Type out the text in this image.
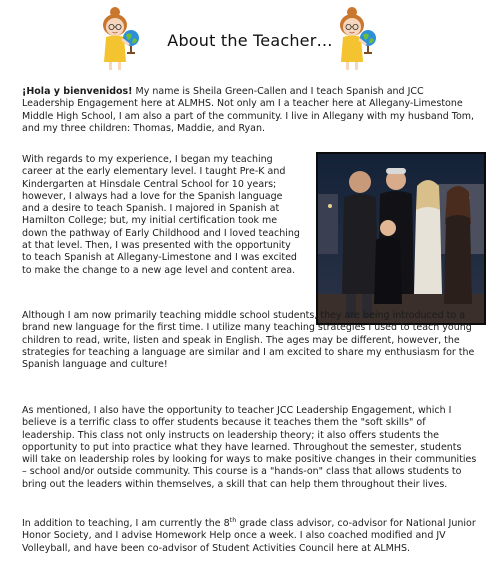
About the Teacher…

¡Hola y bienvenidos! My name is Sheila Green-Callen and I teach Spanish and JCC Leadership Engagement here at ALMHS. Not only am I a teacher here at Allegany-Limestone Middle High School, I am also a part of the community. I live in Allegany with my husband Tom, and my three children: Thomas, Maddie, and Ryan.

With regards to my experience, I began my teaching career at the early elementary level. I taught Pre-K and Kindergarten at Hinsdale Central School for 10 years; however, I always had a love for the Spanish language and a desire to teach Spanish. I majored in Spanish at Hamilton College; but, my initial certification took me down the pathway of Early Childhood and I loved teaching at that level. Then, I was presented with the opportunity to teach Spanish at Allegany-Limestone and I was excited to make the change to a new age level and content area.

Although I am now primarily teaching middle school students, they are being introduced to a brand new language for the first time. I utilize many teaching strategies I used to teach young children to read, write, listen and speak in English. The ages may be different, however, the strategies for teaching a language are similar and I am excited to share my enthusiasm for the Spanish language and culture!

As mentioned, I also have the opportunity to teacher JCC Leadership Engagement, which I believe is a terrific class to offer students because it teaches them the "soft skills" of leadership. This class not only instructs on leadership theory; it also offers students the opportunity to put into practice what they have learned. Throughout the semester, students will take on leadership roles by looking for ways to make positive changes in their communities – school and/or outside community. This course is a "hands-on" class that allows students to bring out the leaders within themselves, a skill that can help them throughout their lives.

In addition to teaching, I am currently the 8th grade class advisor, co-advisor for National Junior Honor Society, and I advise Homework Help once a week. I also coached modified and JV Volleyball, and have been co-advisor of Student Activities Council here at ALMHS.
